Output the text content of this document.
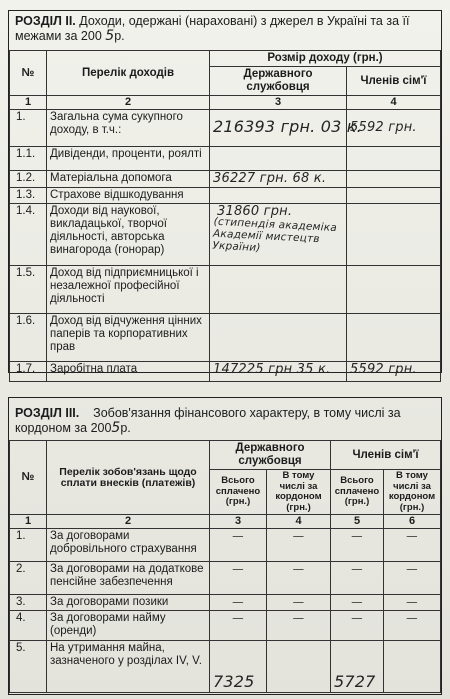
РОЗДІЛ II. Доходи, одержані (нараховані) з джерел в Україні та за її межами за 200 5р.
№	Перелік доходів	Розмір доходу (грн.)	
		Державного службовця	Членів сім'ї
1	2	3	4
1.	Загальна сума сукупного доходу, в т.ч.:	216393 грн. 03 к.	5592 грн.
1.1.	Дивіденди, проценти, роялті		
1.2.	Матеріальна допомога	36227 грн. 68 к.	
1.3.	Страхове відшкодування		
1.4.	Доходи від наукової, викладацької, творчої діяльності, авторська винагорода (гонорар)	31860 грн.
(стипендія академіка Академії мистецтв України)	

1.5.	Доход від підприємницької і незалежної професійної діяльності		
1.6.	Доход від відчуження цінних паперів та корпоративних прав		
1.7.	Заробітна плата	147225 грн 35 к.	5592 грн.
РОЗДІЛ III. Зобов'язання фінансового характеру, в тому числі за кордоном за 2005р.
№	Перелік зобов'язань щодо сплати внесків (платежів)	Державного службовця		Членів сім'ї	
		Всього сплачено (грн.)	В тому числі за кордоном (грн.)	Всього сплачено (грн.)	В тому числі за кордоном (грн.)
1	2	3	4	5	6
1.	За договорами добровільного страхування	—	—	—	—
2.	За договорами на додаткове пенсійне забезпечення	—	—	—	—
3.	За договорами позики	—	—	—	—
4.	За договорами найму (оренди)	—	—	—	—
5.	На утримання майна, зазначеного у розділах IV, V.	7325		5727	
